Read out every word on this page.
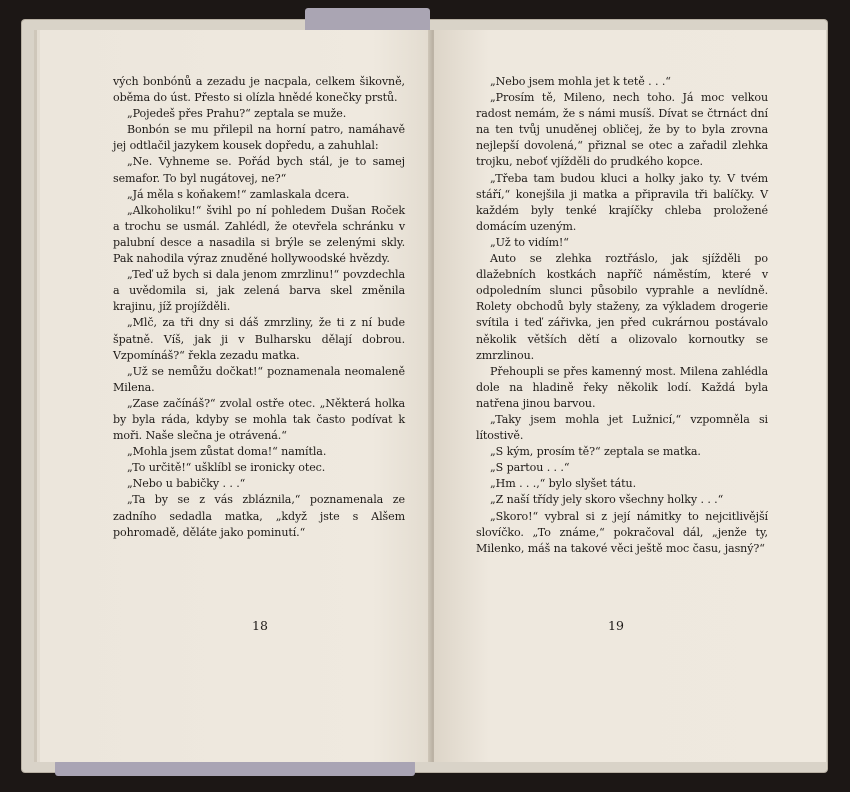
vých bonbónů a zezadu je nacpala, celkem šikovně, oběma do úst. Přesto si olízla hnědé konečky prstů.

„Pojedeš přes Prahu?“ zeptala se muže.

Bonbón se mu přilepil na horní patro, namáhavě jej odtlačil jazykem kousek dopředu, a zahuhlal:

„Ne. Vyhneme se. Pořád bych stál, je to samej semafor. To byl nugátovej, ne?“

„Já měla s koňakem!“ zamlaskala dcera.

„Alkoholiku!“ švihl po ní pohledem Dušan Roček a trochu se usmál. Zahlédl, že otevřela schránku v palubní desce a nasadila si brýle se zelenými skly. Pak nahodila výraz znuděné hollywoodské hvězdy.

„Teď už bych si dala jenom zmrzlinu!“ povzdechla a uvědomila si, jak zelená barva skel změnila krajinu, jíž projížděli.

„Mlč, za tři dny si dáš zmrzliny, že ti z ní bude špatně. Víš, jak ji v Bulharsku dělají dobrou. Vzpomínáš?“ řekla zezadu matka.

„Už se nemůžu dočkat!“ poznamenala neomaleně Milena.

„Zase začínáš?“ zvolal ostře otec. „Některá holka by byla ráda, kdyby se mohla tak často podívat k moři. Naše slečna je otrávená.“

„Mohla jsem zůstat doma!“ namítla.

„To určitě!“ ušklíbl se ironicky otec.

„Nebo u babičky . . .“

„Ta by se z vás zbláznila,“ poznamenala ze zadního sedadla matka, „když jste s Alšem pohromadě, děláte jako pominutí.“

18

„Nebo jsem mohla jet k tetě . . .“

„Prosím tě, Mileno, nech toho. Já moc velkou radost nemám, že s námi musíš. Dívat se čtrnáct dní na ten tvůj unuděnej obličej, že by to byla zrovna nejlepší dovolená,“ přiznal se otec a zařadil zlehka trojku, neboť vjížděli do prudkého kopce.

„Třeba tam budou kluci a holky jako ty. V tvém stáří,“ konejšila ji matka a připravila tři balíčky. V každém byly tenké krajíčky chleba proložené domácím uzeným.

„Už to vidím!“

Auto se zlehka roztřáslo, jak sjížděli po dlažebních kostkách napříč náměstím, které v odpoledním slunci působilo vyprahle a nevlídně. Rolety obchodů byly staženy, za výkladem drogerie svítila i teď zářivka, jen před cukrárnou postávalo několik větších dětí a olizovalo kornoutky se zmrzlinou.

Přehoupli se přes kamenný most. Milena zahlédla dole na hladině řeky několik lodí. Každá byla natřena jinou barvou.

„Taky jsem mohla jet Lužnicí,“ vzpomněla si lítostivě.

„S kým, prosím tě?“ zeptala se matka.

„S partou . . .“

„Hm . . .,“ bylo slyšet tátu.

„Z naší třídy jely skoro všechny holky . . .“

„Skoro!“ vybral si z její námitky to nejcitlivější slovíčko. „To známe,“ pokračoval dál, „jenže ty, Milenko, máš na takové věci ještě moc času, jasný?“

19
